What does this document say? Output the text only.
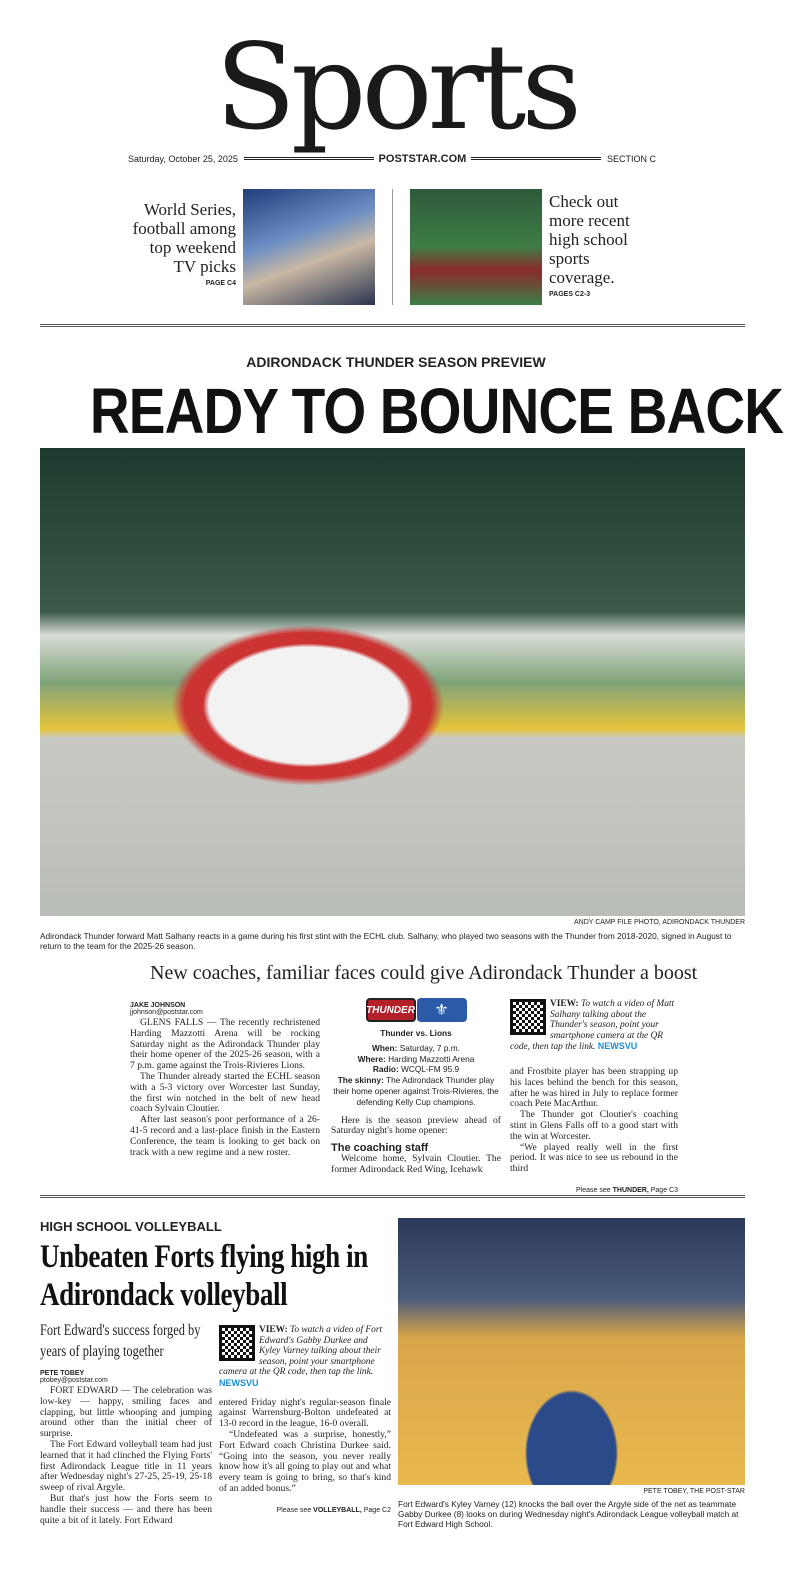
Sports
Saturday, October 25, 2025	POSTSTAR.COM	SECTION C
World Series, football among top weekend TV picks
PAGE C4
Check out more recent high school sports coverage.
PAGES C2-3
ADIRONDACK THUNDER SEASON PREVIEW
READY TO BOUNCE BACK
ANDY CAMP FILE PHOTO, ADIRONDACK THUNDER
Adirondack Thunder forward Matt Salhany reacts in a game during his first stint with the ECHL club. Salhany, who played two seasons with the Thunder from 2018-2020, signed in August to return to the team for the 2025-26 season.
New coaches, familiar faces could give Adirondack Thunder a boost
JAKE JOHNSON
jjohnson@poststar.com

GLENS FALLS — The recently rechristened Harding Mazzotti Arena will be rocking Saturday night as the Adirondack Thunder play their home opener of the 2025-26 season, with a 7 p.m. game against the Trois-Rivieres Lions.

The Thunder already started the ECHL season with a 5-3 victory over Worcester last Sunday, the first win notched in the belt of new head coach Sylvain Cloutier.

After last season's poor performance of a 26-41-5 record and a last-place finish in the Eastern Conference, the team is looking to get back on track with a new regime and a new roster.

THUNDER	⚜
Thunder vs. Lions
When: Saturday, 7 p.m.
Where: Harding Mazzotti Arena
Radio: WCQL-FM 95.9
The skinny: The Adirondack Thunder play their home opener against Trois-Rivieres, the defending Kelly Cup champions.

Here is the season preview ahead of Saturday night's home opener:

The coaching staff

Welcome home, Sylvain Cloutier. The former Adirondack Red Wing, Icehawk

VIEW: To watch a video of Matt Salhany talking about the Thunder's season, point your smartphone camera at the QR code, then tap the link. NEWSVU

and Frostbite player has been strapping up his laces behind the bench for this season, after he was hired in July to replace former coach Pete MacArthur.

The Thunder got Cloutier's coaching stint in Glens Falls off to a good start with the win at Worcester.

“We played really well in the first period. It was nice to see us rebound in the third

Please see THUNDER, Page C3
HIGH SCHOOL VOLLEYBALL
Unbeaten Forts flying high in Adirondack volleyball
Fort Edward's success forged by years of playing together
PETE TOBEY
ptobey@poststar.com

FORT EDWARD — The celebration was low-key — happy, smiling faces and clapping, but little whooping and jumping around other than the initial cheer of surprise.

The Fort Edward volleyball team had just learned that it had clinched the Flying Forts' first Adirondack League title in 11 years after Wednesday night's 27-25, 25-19, 25-18 sweep of rival Argyle.

But that's just how the Forts seem to handle their success — and there has been quite a bit of it lately. Fort Edward

VIEW: To watch a video of Fort Edward's Gabby Durkee and Kyley Varney talking about their season, point your smartphone camera at the QR code, then tap the link.
NEWSVU

entered Friday night's regular-season finale against Warrensburg-Bolton undefeated at 13-0 record in the league, 16-0 overall.

“Undefeated was a surprise, honestly,” Fort Edward coach Christina Durkee said. “Going into the season, you never really know how it's all going to play out and what every team is going to bring, so that's kind of an added bonus.”

Please see VOLLEYBALL, Page C2
PETE TOBEY, THE POST-STAR
Fort Edward's Kyley Varney (12) knocks the ball over the Argyle side of the net as teammate Gabby Durkee (8) looks on during Wednesday night's Adirondack League volleyball match at Fort Edward High School.
